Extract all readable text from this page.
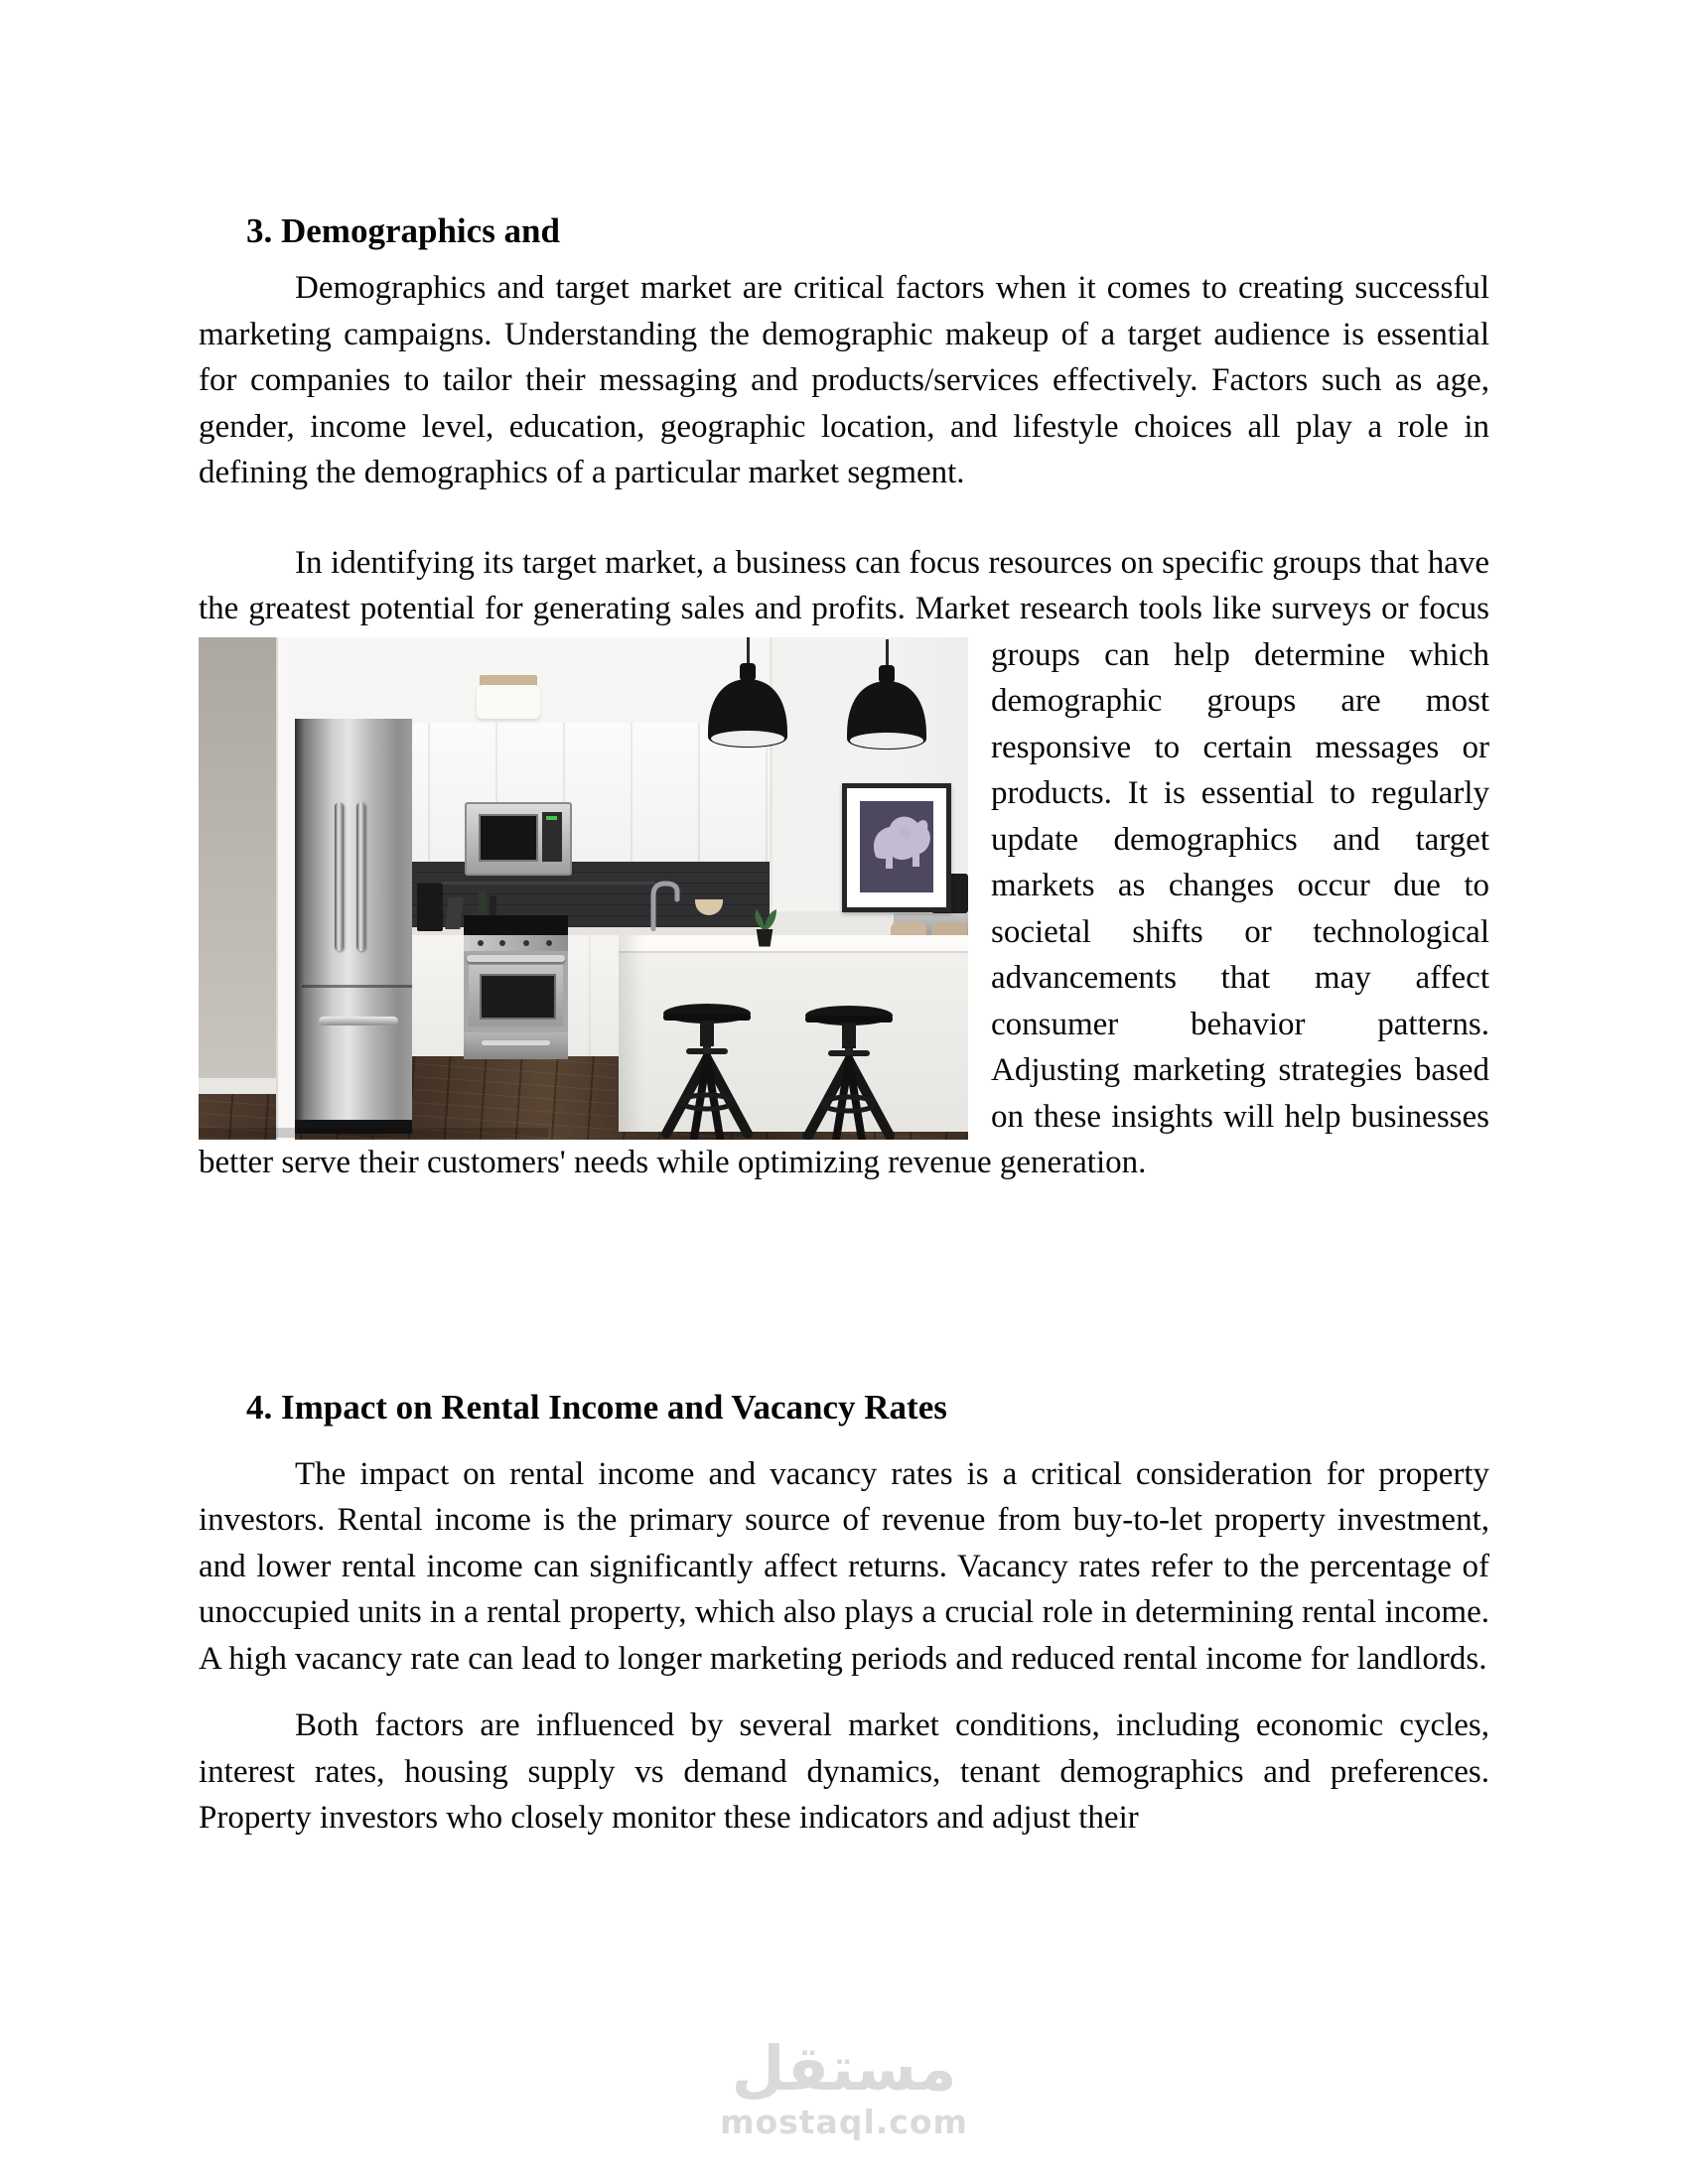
3. Demographics and

Demographics and target market are critical factors when it comes to creating successful marketing campaigns. Understanding the demographic makeup of a target audience is essential for companies to tailor their messaging and products/services effectively. Factors such as age, gender, income level, education, geographic location, and lifestyle choices all play a role in defining the demographics of a particular market segment.

In identifying its target market, a business can focus resources on specific groups that have the greatest potential for generating sales and profits. Market research tools like surveys or focus groups can help determine which demographic groups are most responsive to certain messages or products. It is essential to regularly update demographics and target markets as changes occur due to societal shifts or technological advancements that may affect consumer behavior patterns. Adjusting marketing strategies based on these insights will help businesses better serve their customers' needs while optimizing revenue generation.

4. Impact on Rental Income and Vacancy Rates

The impact on rental income and vacancy rates is a critical consideration for property investors. Rental income is the primary source of revenue from buy-to-let property investment, and lower rental income can significantly affect returns. Vacancy rates refer to the percentage of unoccupied units in a rental property, which also plays a crucial role in determining rental income. A high vacancy rate can lead to longer marketing periods and reduced rental income for landlords.

Both factors are influenced by several market conditions, including economic cycles, interest rates, housing supply vs demand dynamics, tenant demographics and preferences. Property investors who closely monitor these indicators and adjust their

مستقل
mostaql.com
